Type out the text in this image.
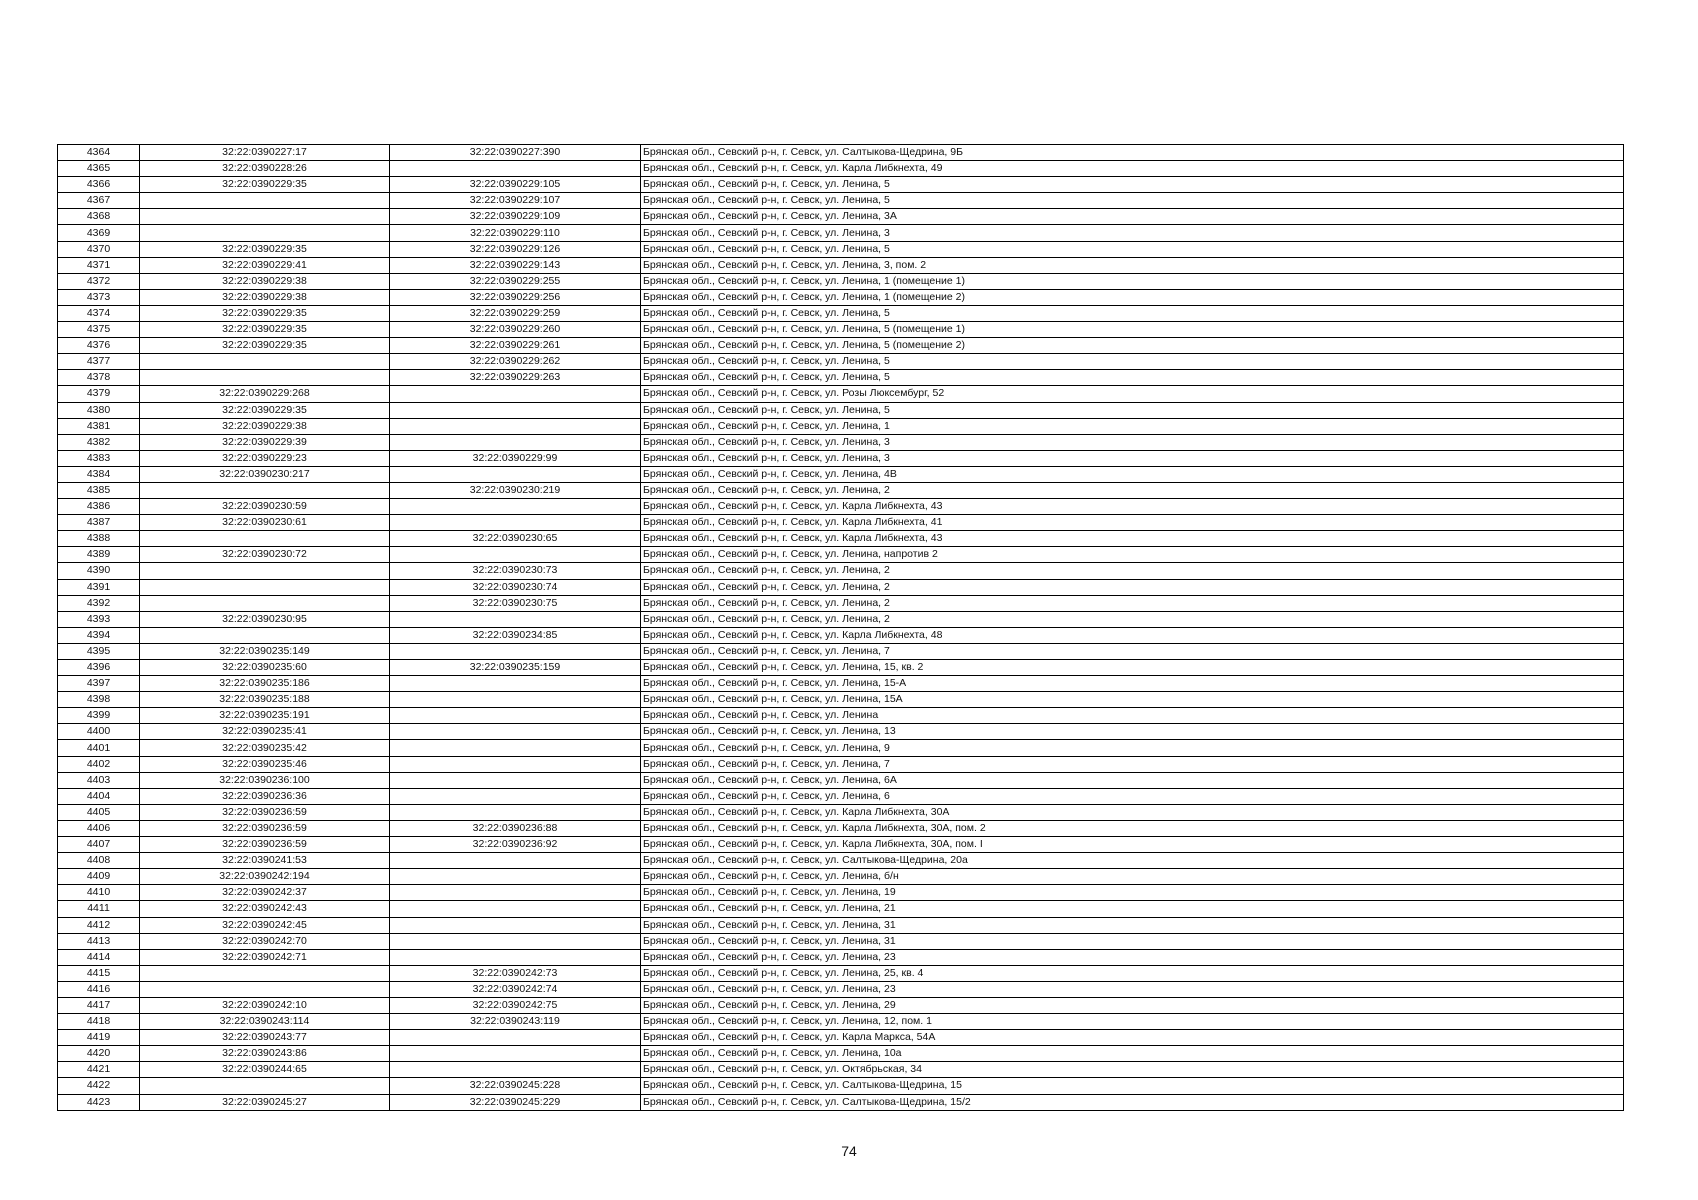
4364	32:22:0390227:17	32:22:0390227:390	Брянская обл., Севский р-н, г. Севск, ул. Салтыкова-Щедрина, 9Б
4365	32:22:0390228:26		Брянская обл., Севский р-н, г. Севск, ул. Карла Либкнехта, 49
4366	32:22:0390229:35	32:22:0390229:105	Брянская обл., Севский р-н, г. Севск, ул. Ленина, 5
4367		32:22:0390229:107	Брянская обл., Севский р-н, г. Севск, ул. Ленина, 5
4368		32:22:0390229:109	Брянская обл., Севский р-н, г. Севск, ул. Ленина, 3А
4369		32:22:0390229:110	Брянская обл., Севский р-н, г. Севск, ул. Ленина, 3
4370	32:22:0390229:35	32:22:0390229:126	Брянская обл., Севский р-н, г. Севск, ул. Ленина, 5
4371	32:22:0390229:41	32:22:0390229:143	Брянская обл., Севский р-н, г. Севск, ул. Ленина, 3, пом. 2
4372	32:22:0390229:38	32:22:0390229:255	Брянская обл., Севский р-н, г. Севск, ул. Ленина, 1 (помещение 1)
4373	32:22:0390229:38	32:22:0390229:256	Брянская обл., Севский р-н, г. Севск, ул. Ленина, 1 (помещение 2)
4374	32:22:0390229:35	32:22:0390229:259	Брянская обл., Севский р-н, г. Севск, ул. Ленина, 5
4375	32:22:0390229:35	32:22:0390229:260	Брянская обл., Севский р-н, г. Севск, ул. Ленина, 5 (помещение 1)
4376	32:22:0390229:35	32:22:0390229:261	Брянская обл., Севский р-н, г. Севск, ул. Ленина, 5 (помещение 2)
4377		32:22:0390229:262	Брянская обл., Севский р-н, г. Севск, ул. Ленина, 5
4378		32:22:0390229:263	Брянская обл., Севский р-н, г. Севск, ул. Ленина, 5
4379	32:22:0390229:268		Брянская обл., Севский р-н, г. Севск, ул. Розы Люксембург, 52
4380	32:22:0390229:35		Брянская обл., Севский р-н, г. Севск, ул. Ленина, 5
4381	32:22:0390229:38		Брянская обл., Севский р-н, г. Севск, ул. Ленина, 1
4382	32:22:0390229:39		Брянская обл., Севский р-н, г. Севск, ул. Ленина, 3
4383	32:22:0390229:23	32:22:0390229:99	Брянская обл., Севский р-н, г. Севск, ул. Ленина, 3
4384	32:22:0390230:217		Брянская обл., Севский р-н, г. Севск, ул. Ленина, 4В
4385		32:22:0390230:219	Брянская обл., Севский р-н, г. Севск, ул. Ленина, 2
4386	32:22:0390230:59		Брянская обл., Севский р-н, г. Севск, ул. Карла Либкнехта, 43
4387	32:22:0390230:61		Брянская обл., Севский р-н, г. Севск, ул. Карла Либкнехта, 41
4388		32:22:0390230:65	Брянская обл., Севский р-н, г. Севск, ул. Карла Либкнехта, 43
4389	32:22:0390230:72		Брянская обл., Севский р-н, г. Севск, ул. Ленина, напротив 2
4390		32:22:0390230:73	Брянская обл., Севский р-н, г. Севск, ул. Ленина, 2
4391		32:22:0390230:74	Брянская обл., Севский р-н, г. Севск, ул. Ленина, 2
4392		32:22:0390230:75	Брянская обл., Севский р-н, г. Севск, ул. Ленина, 2
4393	32:22:0390230:95		Брянская обл., Севский р-н, г. Севск, ул. Ленина, 2
4394		32:22:0390234:85	Брянская обл., Севский р-н, г. Севск, ул. Карла Либкнехта, 48
4395	32:22:0390235:149		Брянская обл., Севский р-н, г. Севск, ул. Ленина, 7
4396	32:22:0390235:60	32:22:0390235:159	Брянская обл., Севский р-н, г. Севск, ул. Ленина, 15, кв. 2
4397	32:22:0390235:186		Брянская обл., Севский р-н, г. Севск, ул. Ленина, 15-А
4398	32:22:0390235:188		Брянская обл., Севский р-н, г. Севск, ул. Ленина, 15А
4399	32:22:0390235:191		Брянская обл., Севский р-н, г. Севск, ул. Ленина
4400	32:22:0390235:41		Брянская обл., Севский р-н, г. Севск, ул. Ленина, 13
4401	32:22:0390235:42		Брянская обл., Севский р-н, г. Севск, ул. Ленина, 9
4402	32:22:0390235:46		Брянская обл., Севский р-н, г. Севск, ул. Ленина, 7
4403	32:22:0390236:100		Брянская обл., Севский р-н, г. Севск, ул. Ленина, 6А
4404	32:22:0390236:36		Брянская обл., Севский р-н, г. Севск, ул. Ленина, 6
4405	32:22:0390236:59		Брянская обл., Севский р-н, г. Севск, ул. Карла Либкнехта, 30А
4406	32:22:0390236:59	32:22:0390236:88	Брянская обл., Севский р-н, г. Севск, ул. Карла Либкнехта, 30А, пом. 2
4407	32:22:0390236:59	32:22:0390236:92	Брянская обл., Севский р-н, г. Севск, ул. Карла Либкнехта, 30А, пом. I
4408	32:22:0390241:53		Брянская обл., Севский р-н, г. Севск, ул. Салтыкова-Щедрина, 20а
4409	32:22:0390242:194		Брянская обл., Севский р-н, г. Севск, ул. Ленина, б/н
4410	32:22:0390242:37		Брянская обл., Севский р-н, г. Севск, ул. Ленина, 19
4411	32:22:0390242:43		Брянская обл., Севский р-н, г. Севск, ул. Ленина, 21
4412	32:22:0390242:45		Брянская обл., Севский р-н, г. Севск, ул. Ленина, 31
4413	32:22:0390242:70		Брянская обл., Севский р-н, г. Севск, ул. Ленина, 31
4414	32:22:0390242:71		Брянская обл., Севский р-н, г. Севск, ул. Ленина, 23
4415		32:22:0390242:73	Брянская обл., Севский р-н, г. Севск, ул. Ленина, 25, кв. 4
4416		32:22:0390242:74	Брянская обл., Севский р-н, г. Севск, ул. Ленина, 23
4417	32:22:0390242:10	32:22:0390242:75	Брянская обл., Севский р-н, г. Севск, ул. Ленина, 29
4418	32:22:0390243:114	32:22:0390243:119	Брянская обл., Севский р-н, г. Севск, ул. Ленина, 12, пом. 1
4419	32:22:0390243:77		Брянская обл., Севский р-н, г. Севск, ул. Карла Маркса, 54А
4420	32:22:0390243:86		Брянская обл., Севский р-н, г. Севск, ул. Ленина, 10а
4421	32:22:0390244:65		Брянская обл., Севский р-н, г. Севск, ул. Октябрьская, 34
4422		32:22:0390245:228	Брянская обл., Севский р-н, г. Севск, ул. Салтыкова-Щедрина, 15
4423	32:22:0390245:27	32:22:0390245:229	Брянская обл., Севский р-н, г. Севск, ул. Салтыкова-Щедрина, 15/2
74
